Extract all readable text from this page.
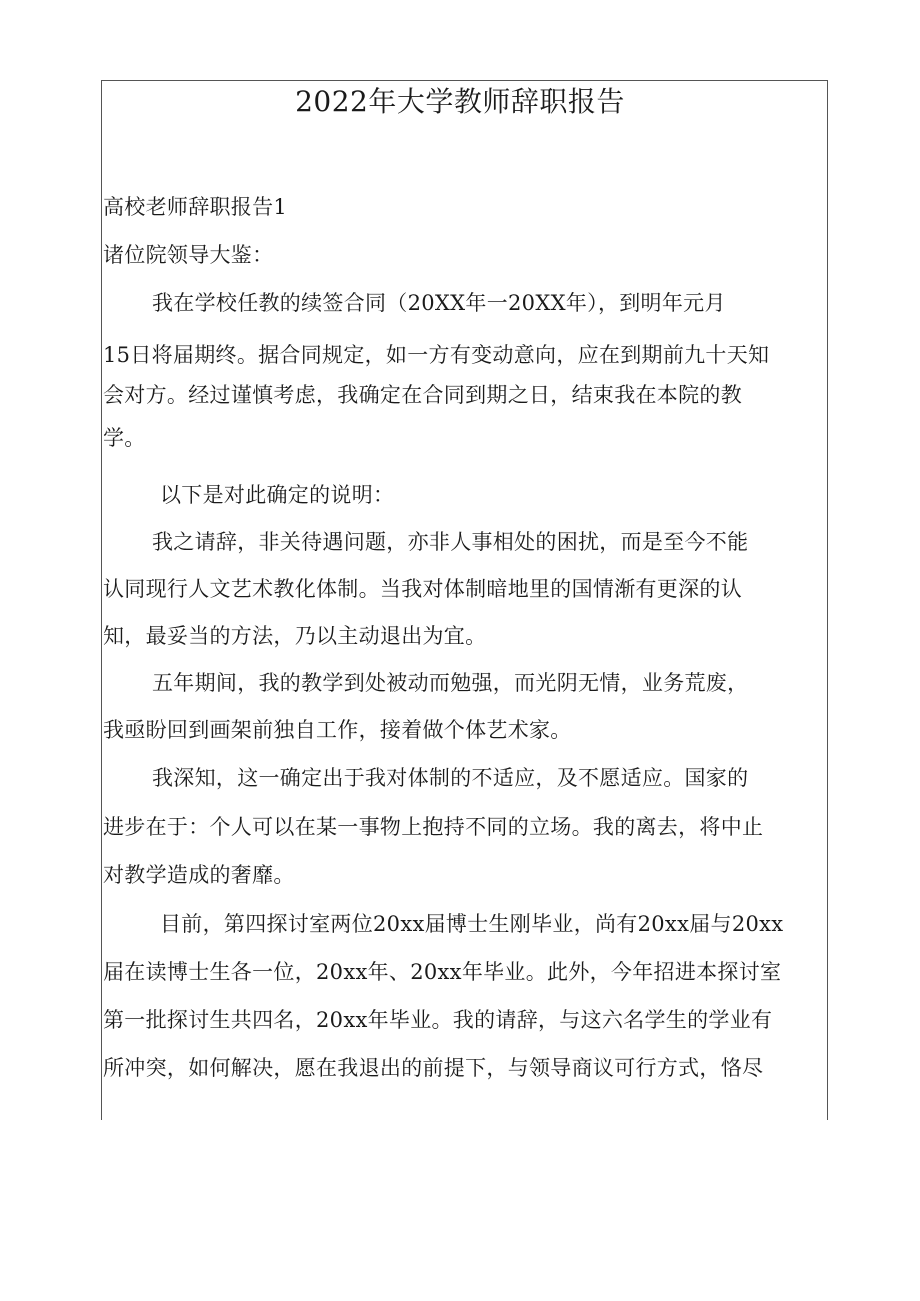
2022年大学教师辞职报告
高校老师辞职报告1
诸位院领导大鉴：
我在学校任教的续签合同（20XX年一20XX年），到明年元月
15日将届期终。据合同规定，如一方有变动意向，应在到期前九十天知
会对方。经过谨慎考虑，我确定在合同到期之日，结束我在本院的教
学。
以下是对此确定的说明：
我之请辞，非关待遇问题，亦非人事相处的困扰，而是至今不能
认同现行人文艺术教化体制。当我对体制暗地里的国情渐有更深的认
知，最妥当的方法，乃以主动退出为宜。
五年期间，我的教学到处被动而勉强，而光阴无情，业务荒废，
我亟盼回到画架前独自工作，接着做个体艺术家。
我深知，这一确定出于我对体制的不适应，及不愿适应。国家的
进步在于：个人可以在某一事物上抱持不同的立场。我的离去，将中止
对教学造成的奢靡。
目前，第四探讨室两位20xx届博士生刚毕业，尚有20xx届与20xx
届在读博士生各一位，20xx年、20xx年毕业。此外，今年招进本探讨室
第一批探讨生共四名，20xx年毕业。我的请辞，与这六名学生的学业有
所冲突，如何解决，愿在我退出的前提下，与领导商议可行方式，恪尽
